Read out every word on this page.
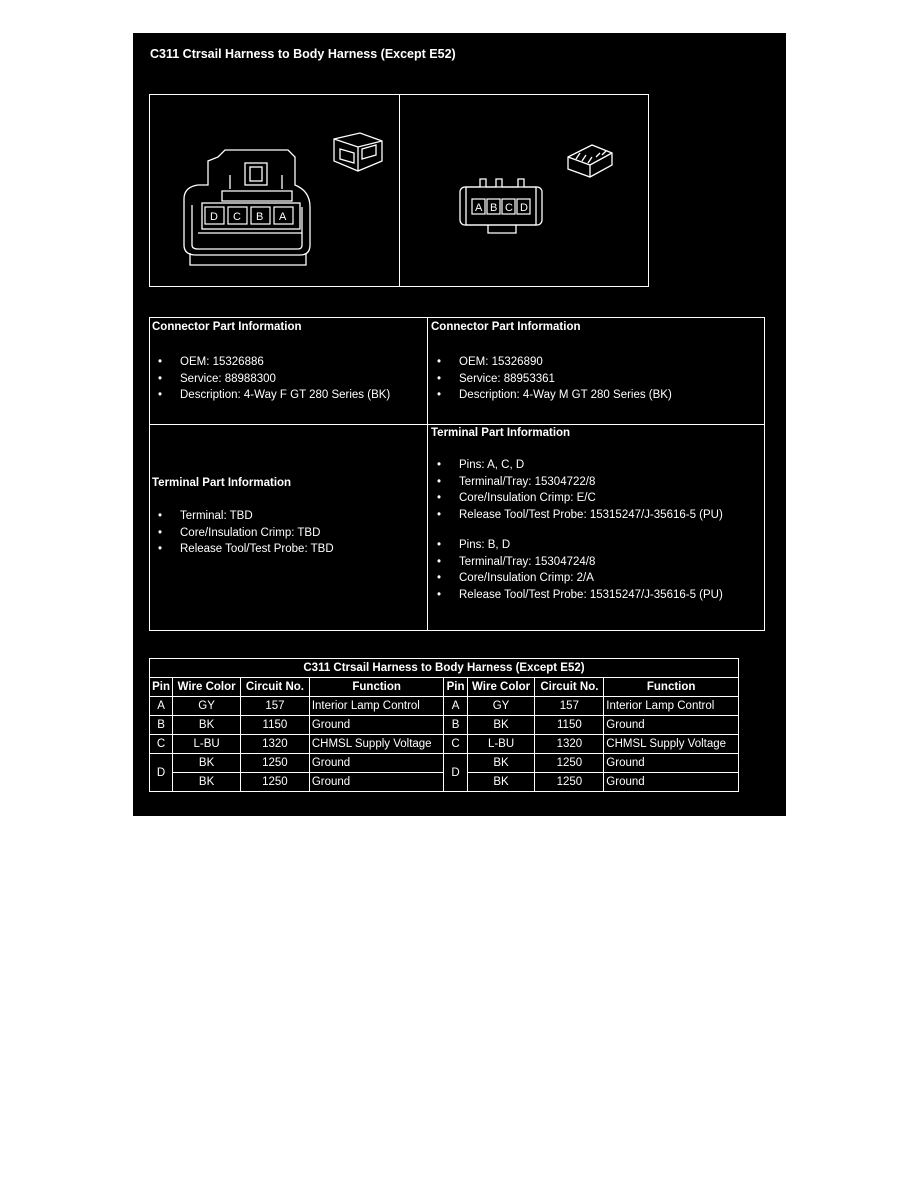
C311 Ctrsail Harness to Body Harness (Except E52)
D C B A
A B C D
Connector Part Information
• OEM: 15326886
• Service: 88988300
• Description: 4-Way F GT 280 Series (BK)
Connector Part Information
• OEM: 15326890
• Service: 88953361
• Description: 4-Way M GT 280 Series (BK)
Terminal Part Information
• Terminal: TBD
• Core/Insulation Crimp: TBD
• Release Tool/Test Probe: TBD
Terminal Part Information
• Pins: A, C, D
• Terminal/Tray: 15304722/8
• Core/Insulation Crimp: E/C
• Release Tool/Test Probe: 15315247/J-35616-5 (PU)
• Pins: B, D
• Terminal/Tray: 15304724/8
• Core/Insulation Crimp: 2/A
• Release Tool/Test Probe: 15315247/J-35616-5 (PU)
C311 Ctrsail Harness to Body Harness (Except E52)							
Pin	Wire Color	Circuit No.	Function	Pin	Wire Color	Circuit No.	Function
A	GY	157	Interior Lamp Control	A	GY	157	Interior Lamp Control
B	BK	1150	Ground	B	BK	1150	Ground
C	L-BU	1320	CHMSL Supply Voltage	C	L-BU	1320	CHMSL Supply Voltage
D	BK	1250	Ground	D	BK	1250	Ground
	BK	1250	Ground		BK	1250	Ground
